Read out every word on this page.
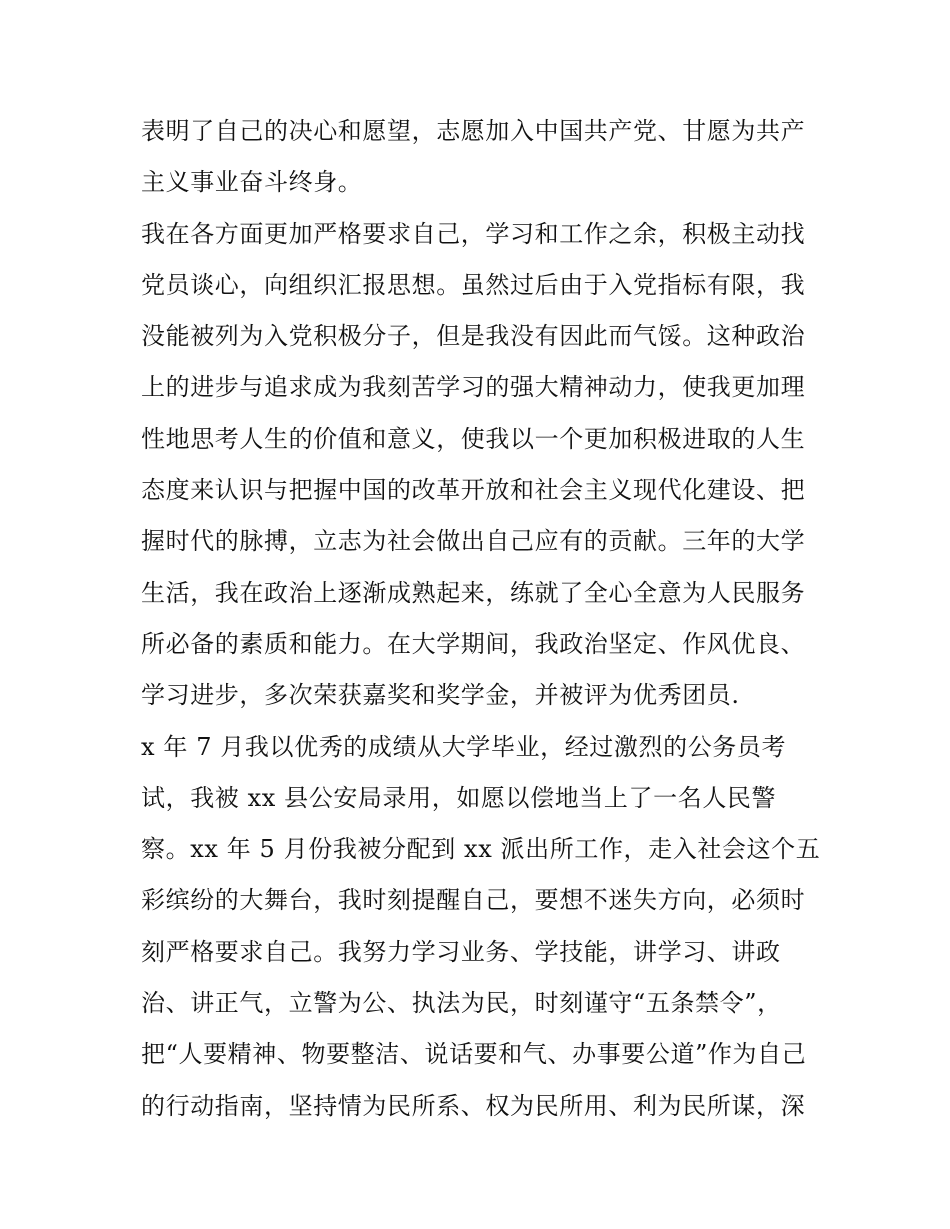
表明了自己的决心和愿望，志愿加入中国共产党、甘愿为共产
主义事业奋斗终身。
我在各方面更加严格要求自己，学习和工作之余，积极主动找
党员谈心，向组织汇报思想。虽然过后由于入党指标有限，我
没能被列为入党积极分子，但是我没有因此而气馁。这种政治
上的进步与追求成为我刻苦学习的强大精神动力，使我更加理
性地思考人生的价值和意义，使我以一个更加积极进取的人生
态度来认识与把握中国的改革开放和社会主义现代化建设、把
握时代的脉搏，立志为社会做出自己应有的贡献。三年的大学
生活，我在政治上逐渐成熟起来，练就了全心全意为人民服务
所必备的素质和能力。在大学期间，我政治坚定、作风优良、
学习进步，多次荣获嘉奖和奖学金，并被评为优秀团员.
x 年 7 月我以优秀的成绩从大学毕业，经过激烈的公务员考
试，我被 xx 县公安局录用，如愿以偿地当上了一名人民警
察。xx 年 5 月份我被分配到 xx 派出所工作，走入社会这个五
彩缤纷的大舞台，我时刻提醒自己，要想不迷失方向，必须时
刻严格要求自己。我努力学习业务、学技能，讲学习、讲政
治、讲正气，立警为公、执法为民，时刻谨守“五条禁令”，
把“人要精神、物要整洁、说话要和气、办事要公道”作为自己
的行动指南，坚持情为民所系、权为民所用、利为民所谋，深
